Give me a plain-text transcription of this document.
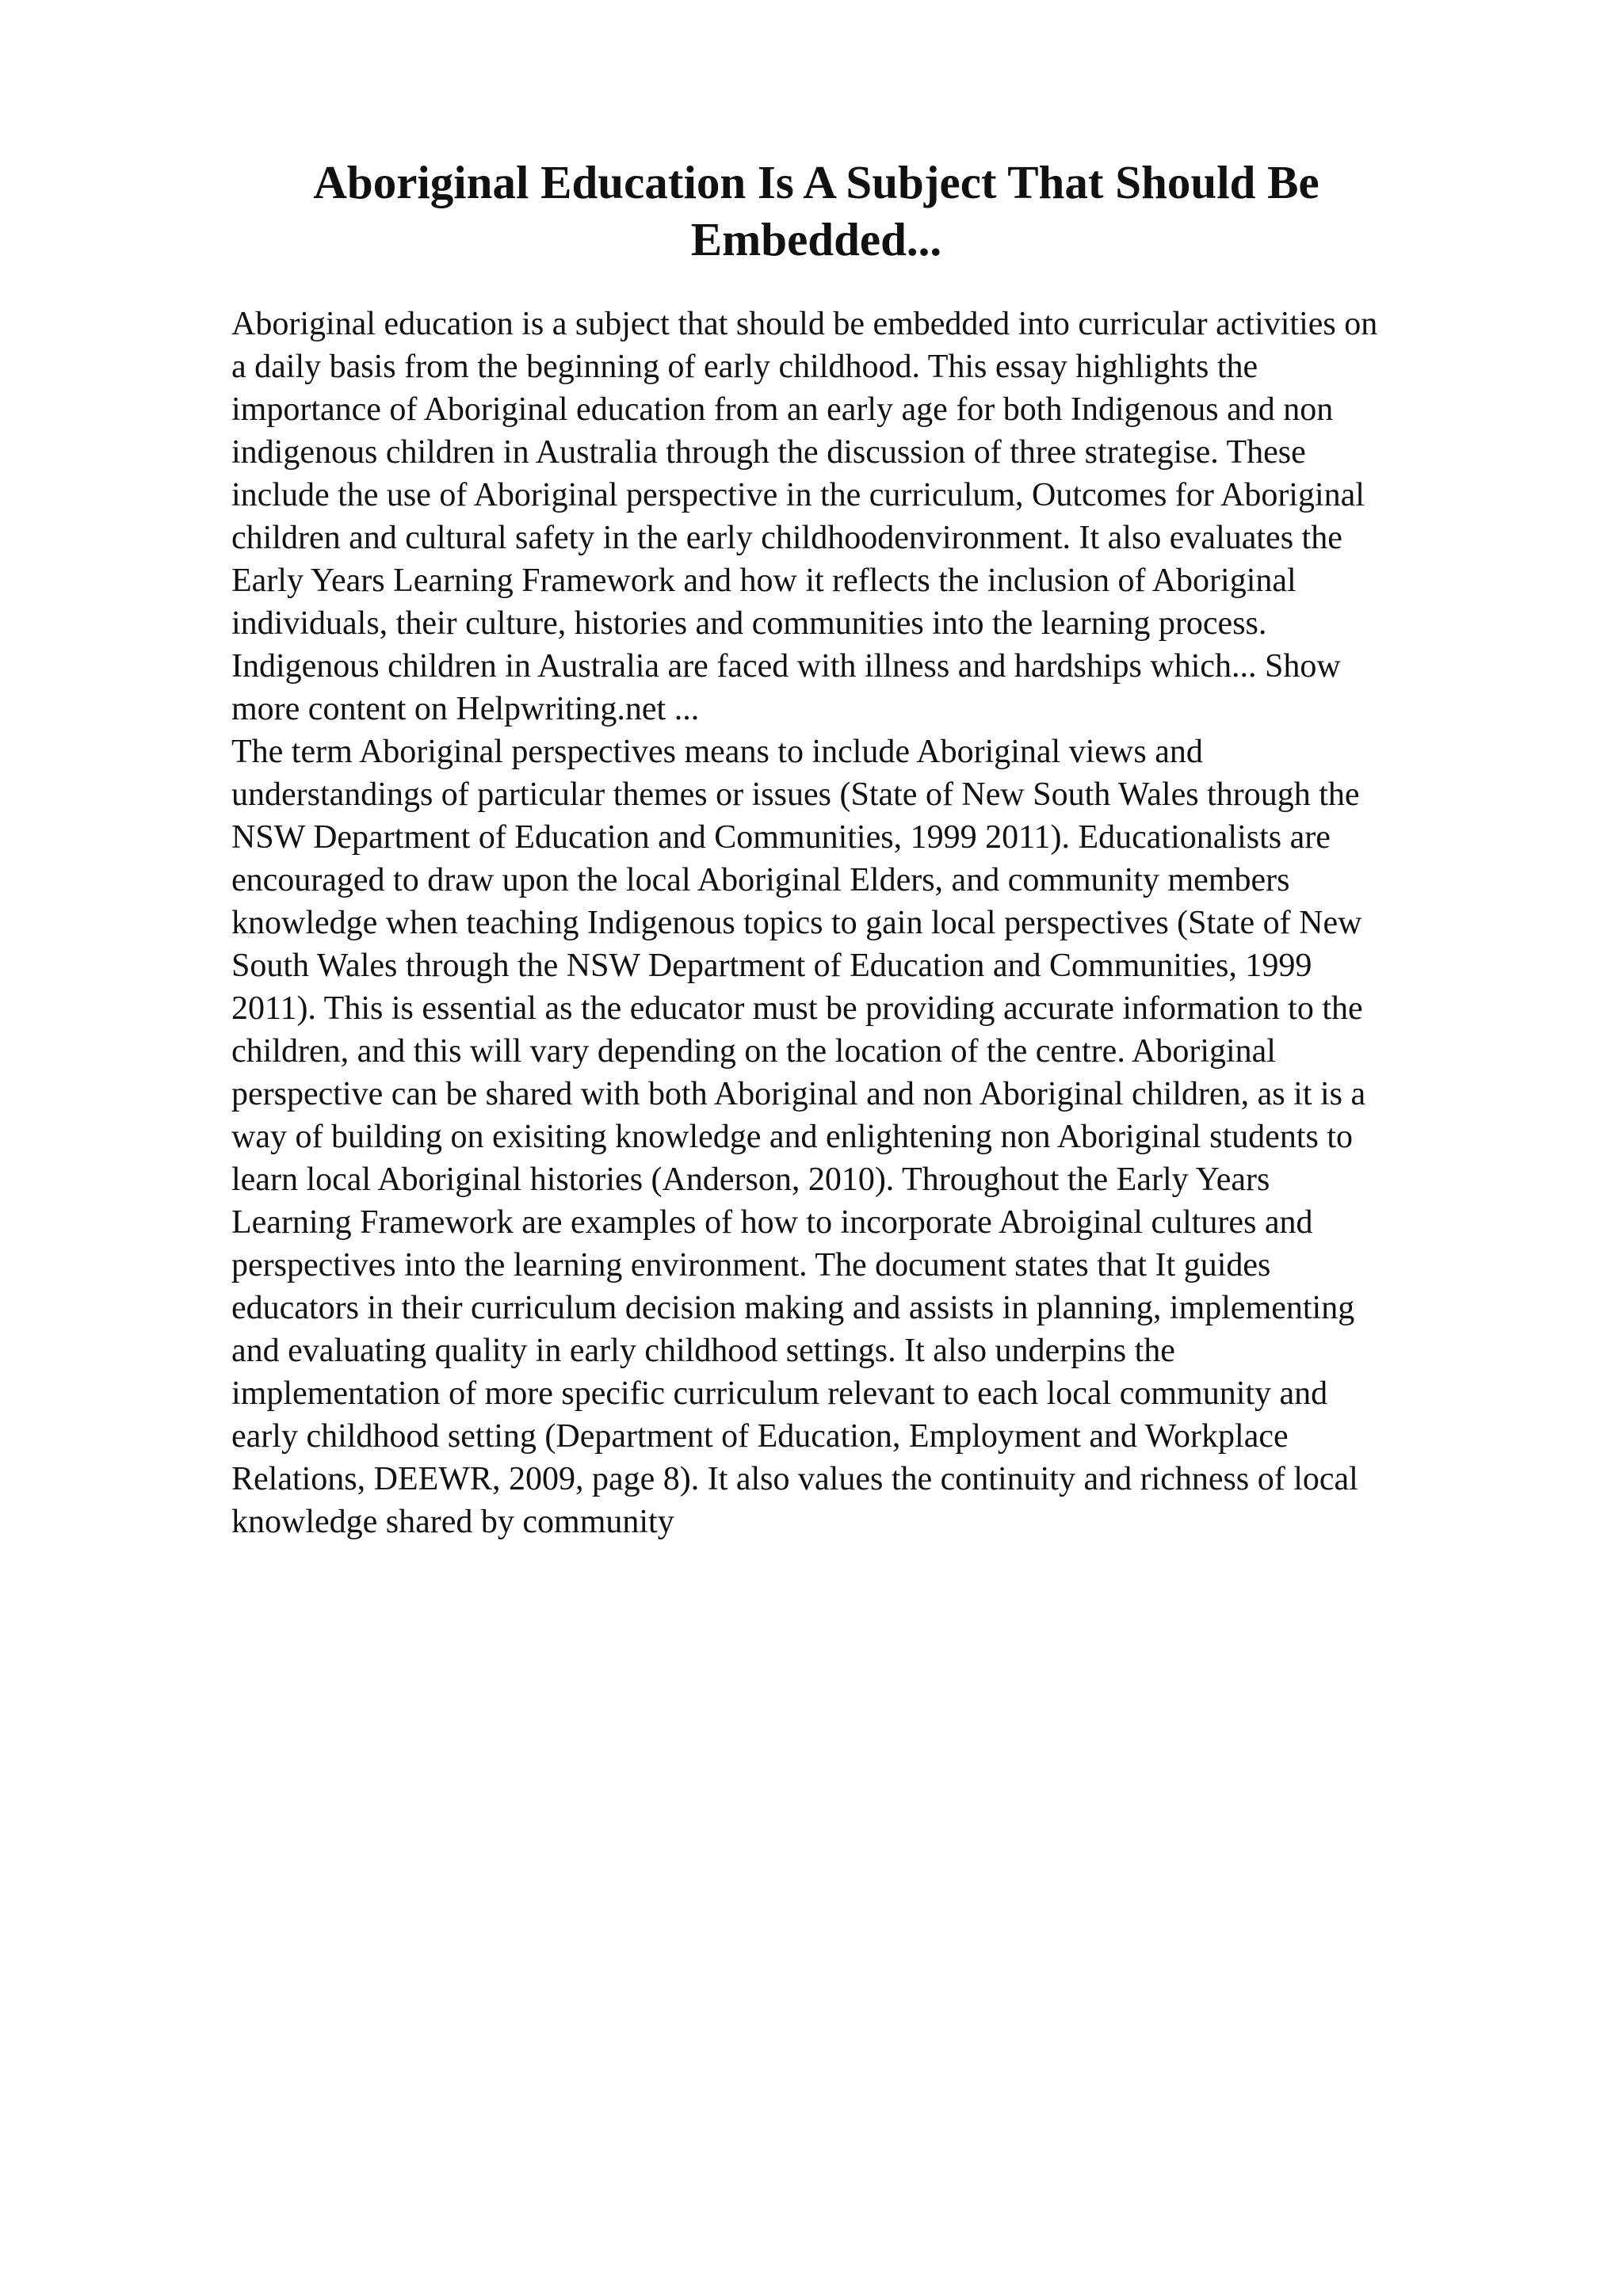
Aboriginal Education Is A Subject That Should Be
Embedded...

Aboriginal education is a subject that should be embedded into curricular activities on
a daily basis from the beginning of early childhood. This essay highlights the
importance of Aboriginal education from an early age for both Indigenous and non
indigenous children in Australia through the discussion of three strategise. These
include the use of Aboriginal perspective in the curriculum, Outcomes for Aboriginal
children and cultural safety in the early childhoodenvironment. It also evaluates the
Early Years Learning Framework and how it reflects the inclusion of Aboriginal
individuals, their culture, histories and communities into the learning process.
Indigenous children in Australia are faced with illness and hardships which... Show
more content on Helpwriting.net ...

The term Aboriginal perspectives means to include Aboriginal views and
understandings of particular themes or issues (State of New South Wales through the
NSW Department of Education and Communities, 1999 2011). Educationalists are
encouraged to draw upon the local Aboriginal Elders, and community members
knowledge when teaching Indigenous topics to gain local perspectives (State of New
South Wales through the NSW Department of Education and Communities, 1999
2011). This is essential as the educator must be providing accurate information to the
children, and this will vary depending on the location of the centre. Aboriginal
perspective can be shared with both Aboriginal and non Aboriginal children, as it is a
way of building on exisiting knowledge and enlightening non Aboriginal students to
learn local Aboriginal histories (Anderson, 2010). Throughout the Early Years
Learning Framework are examples of how to incorporate Abroiginal cultures and
perspectives into the learning environment. The document states that It guides
educators in their curriculum decision making and assists in planning, implementing
and evaluating quality in early childhood settings. It also underpins the
implementation of more specific curriculum relevant to each local community and
early childhood setting (Department of Education, Employment and Workplace
Relations, DEEWR, 2009, page 8). It also values the continuity and richness of local
knowledge shared by community
